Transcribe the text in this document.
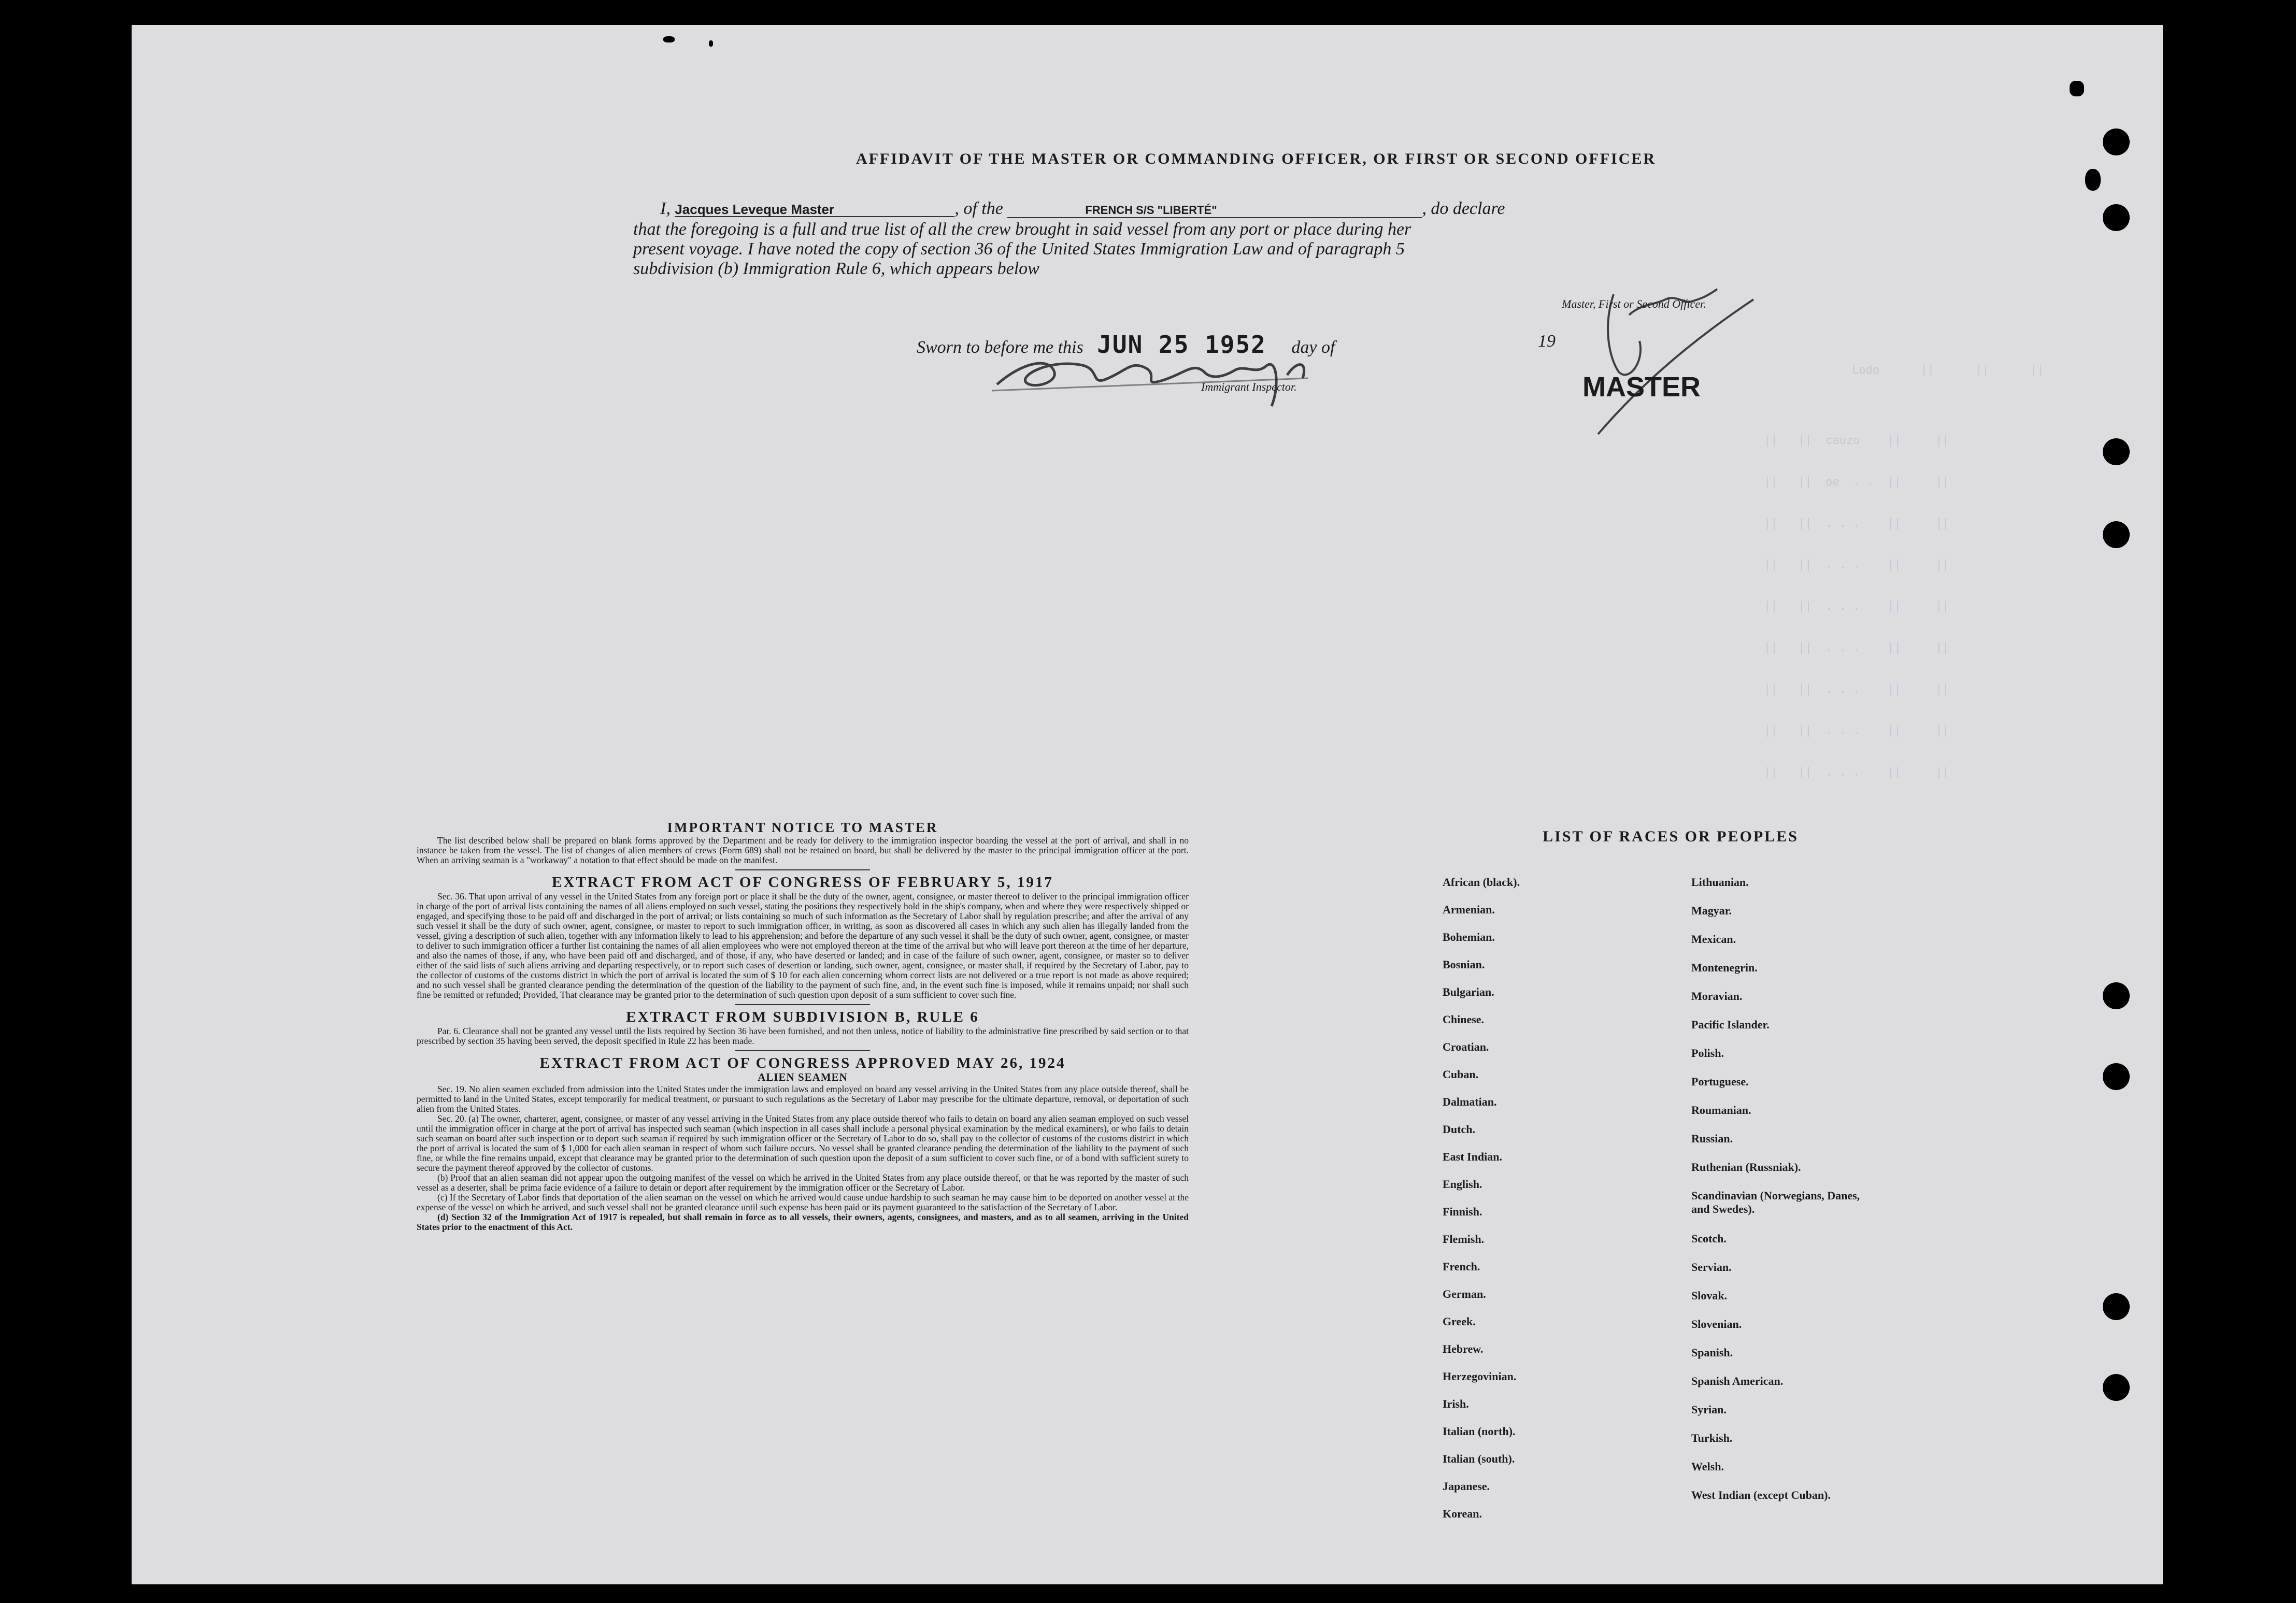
Lodo      ||      ||      ||
||   ||  cauzo    ||     ||
||   ||  oe  . .  ||     ||
||   ||  . . .    ||     ||
||   ||  . . .    ||     ||
||   ||  . . .    ||     ||
||   ||  . . .    ||     ||
||   ||  . . .    ||     ||
||   ||  . . .    ||     ||
||   ||  . . .    ||     ||
AFFIDAVIT OF THE MASTER OR COMMANDING OFFICER, OR FIRST OR SECOND OFFICER
I, Jacques Leveque Master	, of the	FRENCH S/S "LIBERTÉ"	, do declare
that the foregoing is a full and true list of all the crew brought in said vessel from any port or place during her
present voyage. I have noted the copy of section 36 of the United States Immigration Law and of paragraph 5
subdivision (b) Immigration Rule 6, which appears below
Master, First or Second Officer.
Sworn to before me this JUN 25 1952 day of	19
Immigrant Inspector.	MASTER
IMPORTANT NOTICE TO MASTER

The list described below shall be prepared on blank forms approved by the Department and be ready for delivery to the immigration inspector boarding the vessel at the port of arrival, and shall in no instance be taken from the vessel. The list of changes of alien members of crews (Form 689) shall not be retained on board, but shall be delivered by the master to the principal immigration officer at the port. When an arriving seaman is a "workaway" a notation to that effect should be made on the manifest.

EXTRACT FROM ACT OF CONGRESS OF FEBRUARY 5, 1917

Sec. 36. That upon arrival of any vessel in the United States from any foreign port or place it shall be the duty of the owner, agent, consignee, or master thereof to deliver to the principal immigration officer in charge of the port of arrival lists containing the names of all aliens employed on such vessel, stating the positions they respectively hold in the ship's company, when and where they were respectively shipped or engaged, and specifying those to be paid off and discharged in the port of arrival; or lists containing so much of such information as the Secretary of Labor shall by regulation prescribe; and after the arrival of any such vessel it shall be the duty of such owner, agent, consignee, or master to report to such immigration officer, in writing, as soon as discovered all cases in which any such alien has illegally landed from the vessel, giving a description of such alien, together with any information likely to lead to his apprehension; and before the departure of any such vessel it shall be the duty of such owner, agent, consignee, or master to deliver to such immigration officer a further list containing the names of all alien employees who were not employed thereon at the time of the arrival but who will leave port thereon at the time of her departure, and also the names of those, if any, who have been paid off and discharged, and of those, if any, who have deserted or landed; and in case of the failure of such owner, agent, consignee, or master so to deliver either of the said lists of such aliens arriving and departing respectively, or to report such cases of desertion or landing, such owner, agent, consignee, or master shall, if required by the Secretary of Labor, pay to the collector of customs of the customs district in which the port of arrival is located the sum of $ 10 for each alien concerning whom correct lists are not delivered or a true report is not made as above required; and no such vessel shall be granted clearance pending the determination of the question of the liability to the payment of such fine, and, in the event such fine is imposed, while it remains unpaid; nor shall such fine be remitted or refunded; Provided, That clearance may be granted prior to the determination of such question upon deposit of a sum sufficient to cover such fine.

EXTRACT FROM SUBDIVISION B, RULE 6

Par. 6. Clearance shall not be granted any vessel until the lists required by Section 36 have been furnished, and not then unless, notice of liability to the administrative fine prescribed by said section or to that prescribed by section 35 having been served, the deposit specified in Rule 22 has been made.

EXTRACT FROM ACT OF CONGRESS APPROVED MAY 26, 1924
ALIEN SEAMEN

Sec. 19. No alien seamen excluded from admission into the United States under the immigration laws and employed on board any vessel arriving in the United States from any place outside thereof, shall be permitted to land in the United States, except temporarily for medical treatment, or pursuant to such regulations as the Secretary of Labor may prescribe for the ultimate departure, removal, or deportation of such alien from the United States.

Sec. 20. (a) The owner, charterer, agent, consignee, or master of any vessel arriving in the United States from any place outside thereof who fails to detain on board any alien seaman employed on such vessel until the immigration officer in charge at the port of arrival has inspected such seaman (which inspection in all cases shall include a personal physical examination by the medical examiners), or who fails to detain such seaman on board after such inspection or to deport such seaman if required by such immigration officer or the Secretary of Labor to do so, shall pay to the collector of customs of the customs district in which the port of arrival is located the sum of $ 1,000 for each alien seaman in respect of whom such failure occurs. No vessel shall be granted clearance pending the determination of the liability to the payment of such fine, or while the fine remains unpaid, except that clearance may be granted prior to the determination of such question upon the deposit of a sum sufficient to cover such fine, or of a bond with sufficient surety to secure the payment thereof approved by the collector of customs.

(b) Proof that an alien seaman did not appear upon the outgoing manifest of the vessel on which he arrived in the United States from any place outside thereof, or that he was reported by the master of such vessel as a deserter, shall be prima facie evidence of a failure to detain or deport after requirement by the immigration officer or the Secretary of Labor.

(c) If the Secretary of Labor finds that deportation of the alien seaman on the vessel on which he arrived would cause undue hardship to such seaman he may cause him to be deported on another vessel at the expense of the vessel on which he arrived, and such vessel shall not be granted clearance until such expense has been paid or its payment guaranteed to the satisfaction of the Secretary of Labor.

(d) Section 32 of the Immigration Act of 1917 is repealed, but shall remain in force as to all vessels, their owners, agents, consignees, and masters, and as to all seamen, arriving in the United States prior to the enactment of this Act.

LIST OF RACES OR PEOPLES
African (black).
Armenian.
Bohemian.
Bosnian.
Bulgarian.
Chinese.
Croatian.
Cuban.
Dalmatian.
Dutch.
East Indian.
English.
Finnish.
Flemish.
French.
German.
Greek.
Hebrew.
Herzegovinian.
Irish.
Italian (north).
Italian (south).
Japanese.
Korean.
Lithuanian.
Magyar.
Mexican.
Montenegrin.
Moravian.
Pacific Islander.
Polish.
Portuguese.
Roumanian.
Russian.
Ruthenian (Russniak).
Scandinavian (Norwegians, Danes, and Swedes).
Scotch.
Servian.
Slovak.
Slovenian.
Spanish.
Spanish American.
Syrian.
Turkish.
Welsh.
West Indian (except Cuban).
